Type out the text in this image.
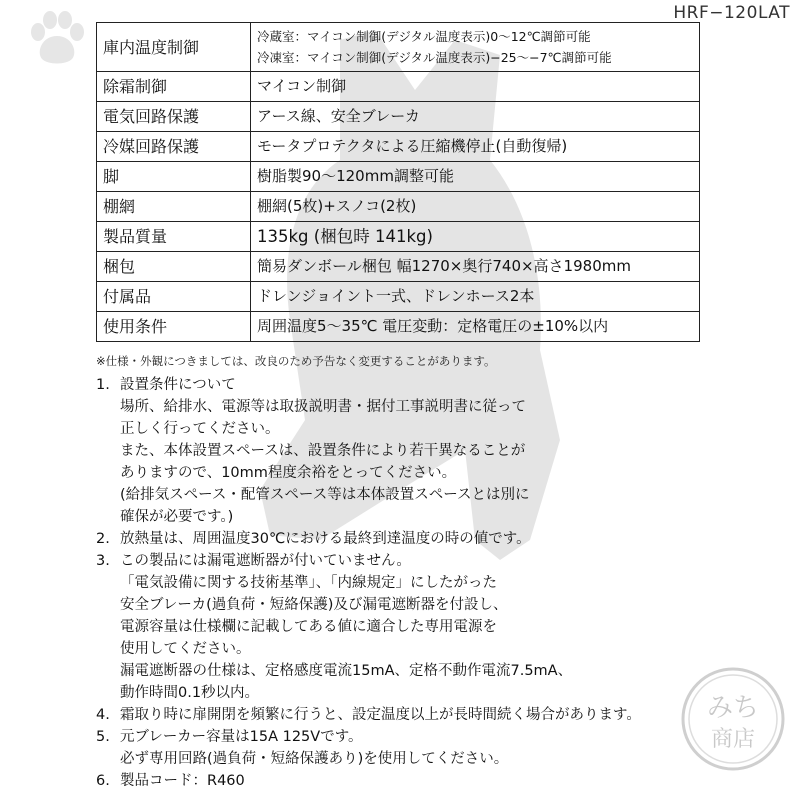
HRF−120LAT
庫内温度制御	冷蔵室：マイコン制御(デジタル温度表示)0〜12℃調節可能
冷凍室：マイコン制御(デジタル温度表示)−25〜−7℃調節可能

除霜制御	マイコン制御
電気回路保護	アース線、安全ブレーカ
冷媒回路保護	モータプロテクタによる圧縮機停止(自動復帰)
脚	樹脂製90〜120mm調整可能
棚網	棚網(5枚)+スノコ(2枚)
製品質量	135kg (梱包時 141kg)
梱包	簡易ダンボール梱包 幅1270×奥行740×高さ1980mm
付属品	ドレンジョイント一式、ドレンホース2本
使用条件	周囲温度5〜35℃ 電圧変動：定格電圧の±10%以内
※仕様・外観につきましては、改良のため予告なく変更することがあります。
1. 設置条件について
場所、給排水、電源等は取扱説明書・据付工事説明書に従って
正しく行ってください。
また、本体設置スペースは、設置条件により若干異なることが
ありますので、10mm程度余裕をとってください。
(給排気スペース・配管スペース等は本体設置スペースとは別に
確保が必要です。)
2. 放熱量は、周囲温度30℃における最終到達温度の時の値です。
3. この製品には漏電遮断器が付いていません。
「電気設備に関する技術基準」、「内線規定」にしたがった
安全ブレーカ(過負荷・短絡保護)及び漏電遮断器を付設し、
電源容量は仕様欄に記載してある値に適合した専用電源を
使用してください。
漏電遮断器の仕様は、定格感度電流15mA、定格不動作電流7.5mA、
動作時間0.1秒以内。
4. 霜取り時に扉開閉を頻繁に行うと、設定温度以上が長時間続く場合があります。
5. 元ブレーカー容量は15A 125Vです。
必ず専用回路(過負荷・短絡保護あり)を使用してください。
6. 製品コード：R460
みち
商店
